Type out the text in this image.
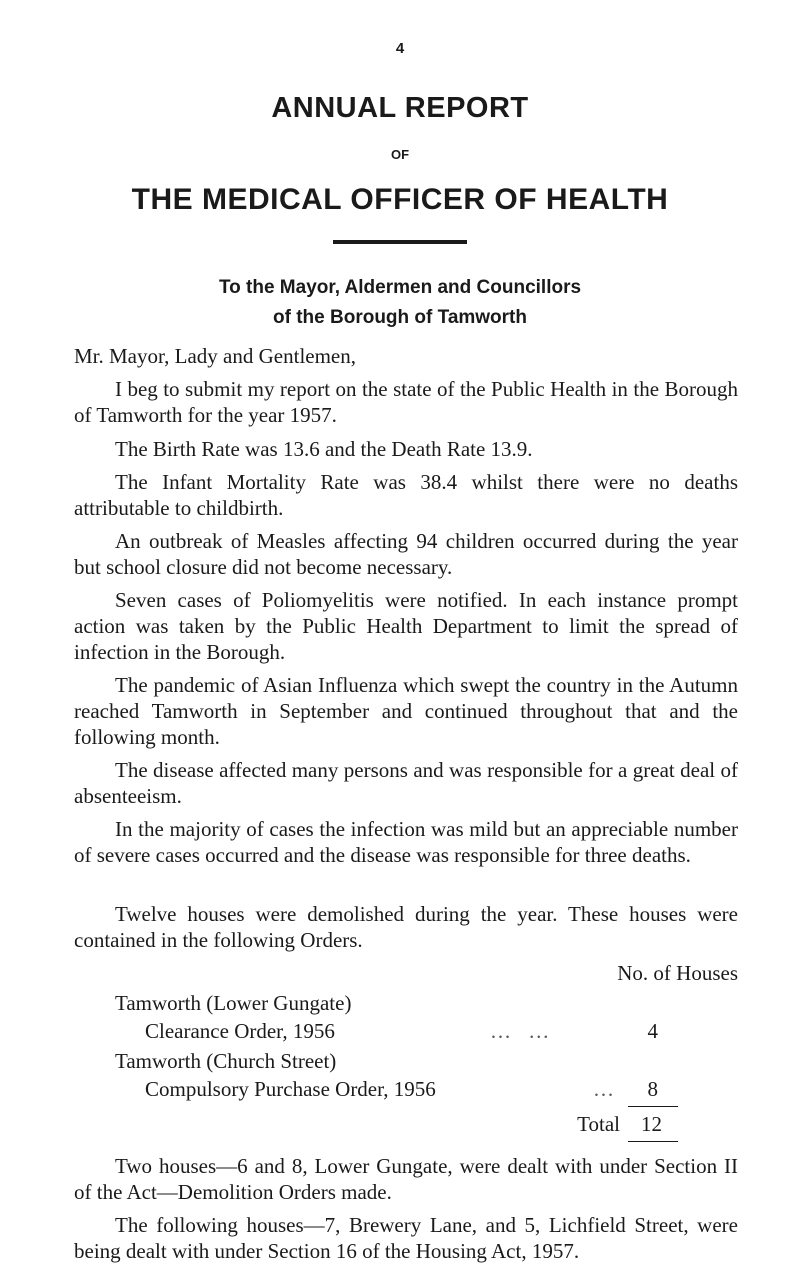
4
ANNUAL REPORT
OF
THE MEDICAL OFFICER OF HEALTH
To the Mayor, Aldermen and Councillors
of the Borough of Tamworth
Mr. Mayor, Lady and Gentlemen,
I beg to submit my report on the state of the Public Health in the Borough of Tamworth for the year 1957.
The Birth Rate was 13.6 and the Death Rate 13.9.
The Infant Mortality Rate was 38.4 whilst there were no deaths attributable to childbirth.
An outbreak of Measles affecting 94 children occurred during the year but school closure did not become necessary.
Seven cases of Poliomyelitis were notified. In each instance prompt action was taken by the Public Health Department to limit the spread of infection in the Borough.
The pandemic of Asian Influenza which swept the country in the Autumn reached Tamworth in September and continued throughout that and the following month.
The disease affected many persons and was responsible for a great deal of absenteeism.
In the majority of cases the infection was mild but an appreciable number of severe cases occurred and the disease was responsible for three deaths.
Twelve houses were demolished during the year. These houses were contained in the following Orders.
No. of Houses
Tamworth (Lower Gungate)
Clearance Order, 1956	… …	4
Tamworth (Church Street)
Compulsory Purchase Order, 1956	…	8
Total	12
Two houses—6 and 8, Lower Gungate, were dealt with under Section II of the Act—Demolition Orders made.
The following houses—7, Brewery Lane, and 5, Lichfield Street, were being dealt with under Section 16 of the Housing Act, 1957.
